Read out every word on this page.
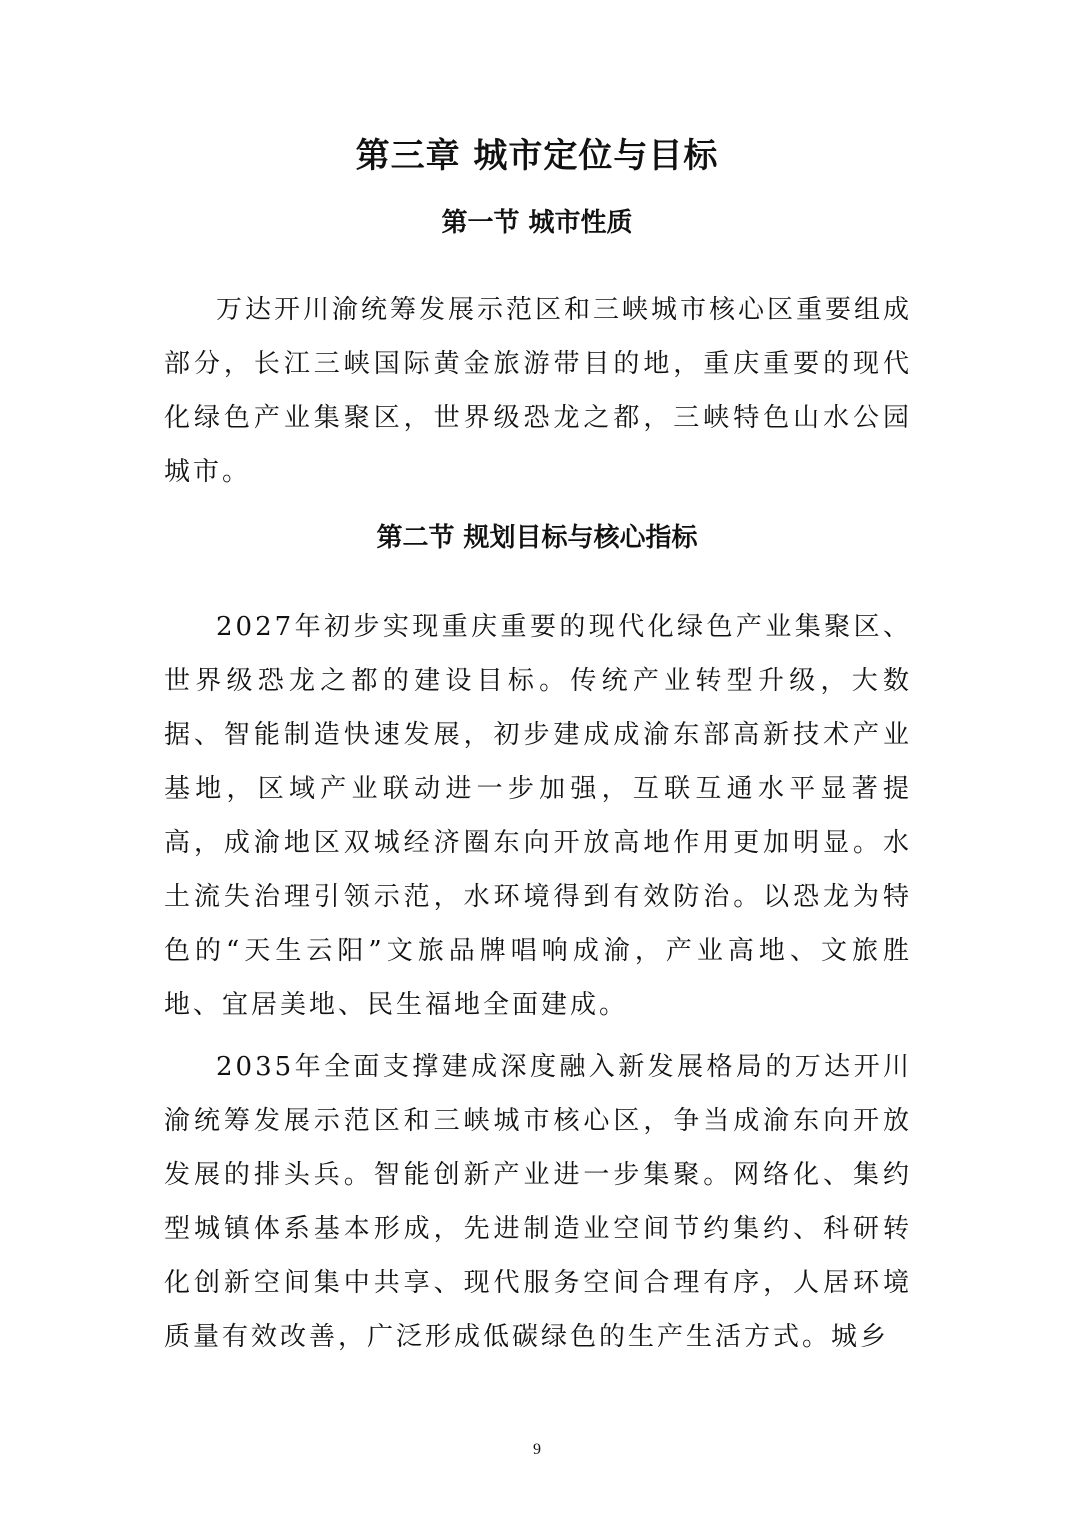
第三章 城市定位与目标
第一节 城市性质

万达开川渝统筹发展示范区和三峡城市核心区重要组成部分，长江三峡国际黄金旅游带目的地，重庆重要的现代化绿色产业集聚区，世界级恐龙之都，三峡特色山水公园城市。

第二节 规划目标与核心指标

2027年初步实现重庆重要的现代化绿色产业集聚区、世界级恐龙之都的建设目标。传统产业转型升级，大数据、智能制造快速发展，初步建成成渝东部高新技术产业基地，区域产业联动进一步加强，互联互通水平显著提高，成渝地区双城经济圈东向开放高地作用更加明显。水土流失治理引领示范，水环境得到有效防治。以恐龙为特色的“天生云阳”文旅品牌唱响成渝，产业高地、文旅胜地、宜居美地、民生福地全面建成。

2035年全面支撑建成深度融入新发展格局的万达开川渝统筹发展示范区和三峡城市核心区，争当成渝东向开放发展的排头兵。智能创新产业进一步集聚。网络化、集约型城镇体系基本形成，先进制造业空间节约集约、科研转化创新空间集中共享、现代服务空间合理有序，人居环境质量有效改善，广泛形成低碳绿色的生产生活方式。城乡

9
